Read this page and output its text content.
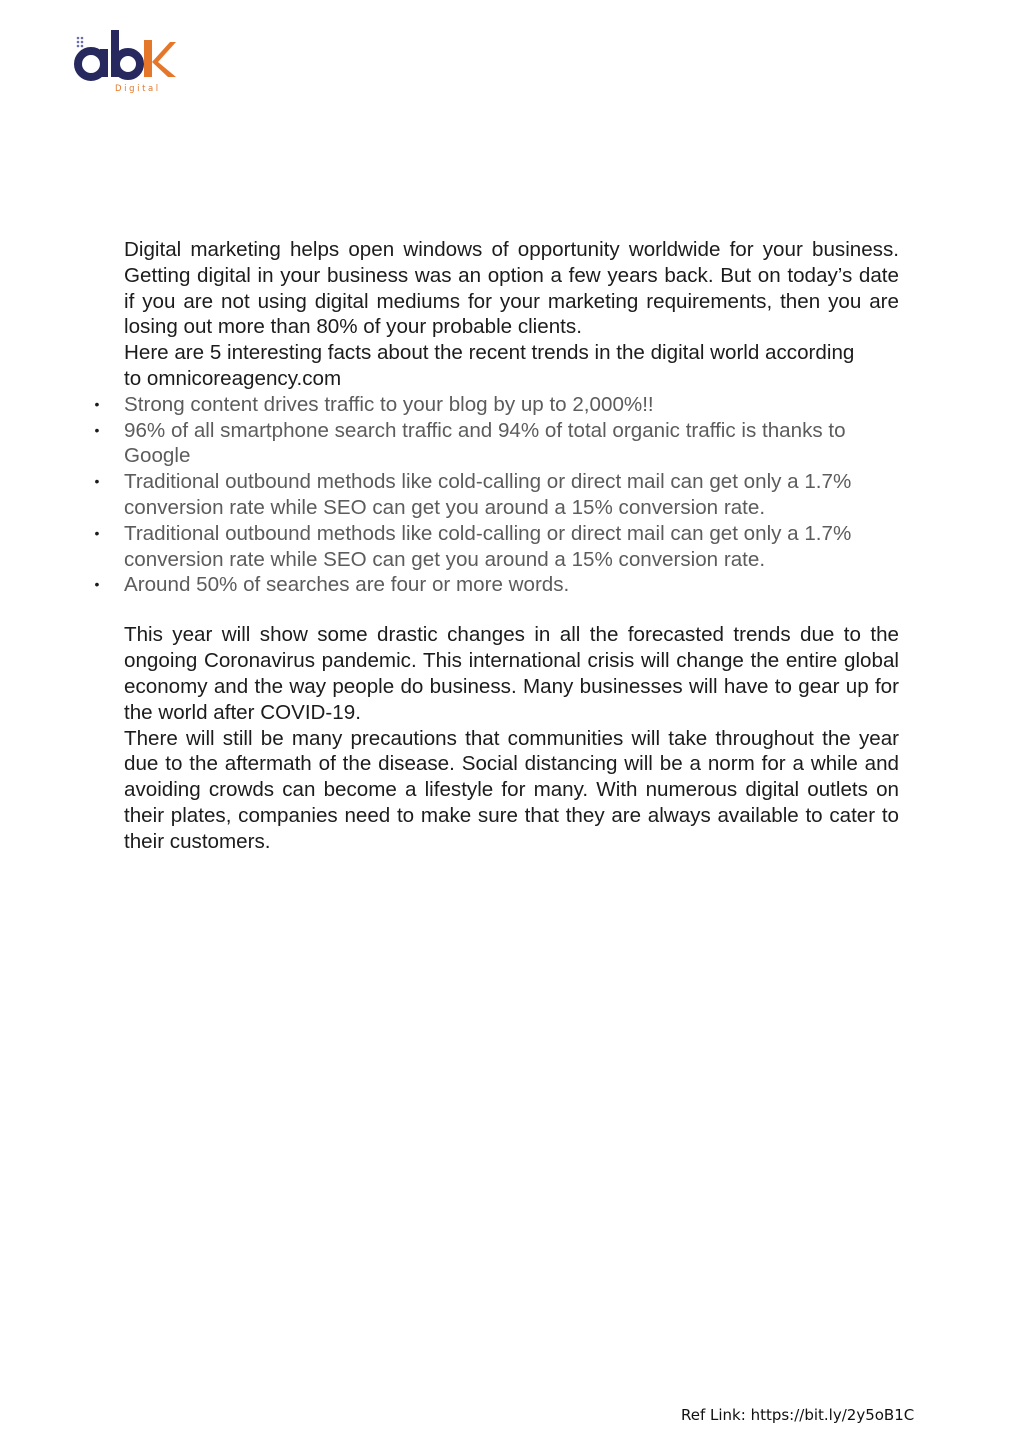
Digital

Digital marketing helps open windows of opportunity worldwide for your business. Getting digital in your business was an option a few years back. But on today’s date if you are not using digital mediums for your marketing requirements, then you are losing out more than 80% of your probable clients.

Here are 5 interesting facts about the recent trends in the digital world according

to omnicoreagency.com

• Strong content drives traffic to your blog by up to 2,000%!!
• 96% of all smartphone search traffic and 94% of total organic traffic is thanks to Google
• Traditional outbound methods like cold-calling or direct mail can get only a 1.7% conversion rate while SEO can get you around a 15% conversion rate.
• Traditional outbound methods like cold-calling or direct mail can get only a 1.7% conversion rate while SEO can get you around a 15% conversion rate.
• Around 50% of searches are four or more words.

This year will show some drastic changes in all the forecasted trends due to the ongoing Coronavirus pandemic. This international crisis will change the entire global economy and the way people do business. Many businesses will have to gear up for the world after COVID-19.

There will still be many precautions that communities will take throughout the year due to the aftermath of the disease. Social distancing will be a norm for a while and avoiding crowds can become a lifestyle for many. With numerous digital outlets on their plates, companies need to make sure that they are always available to cater to their customers.

Ref Link: https://bit.ly/2y5oB1C
